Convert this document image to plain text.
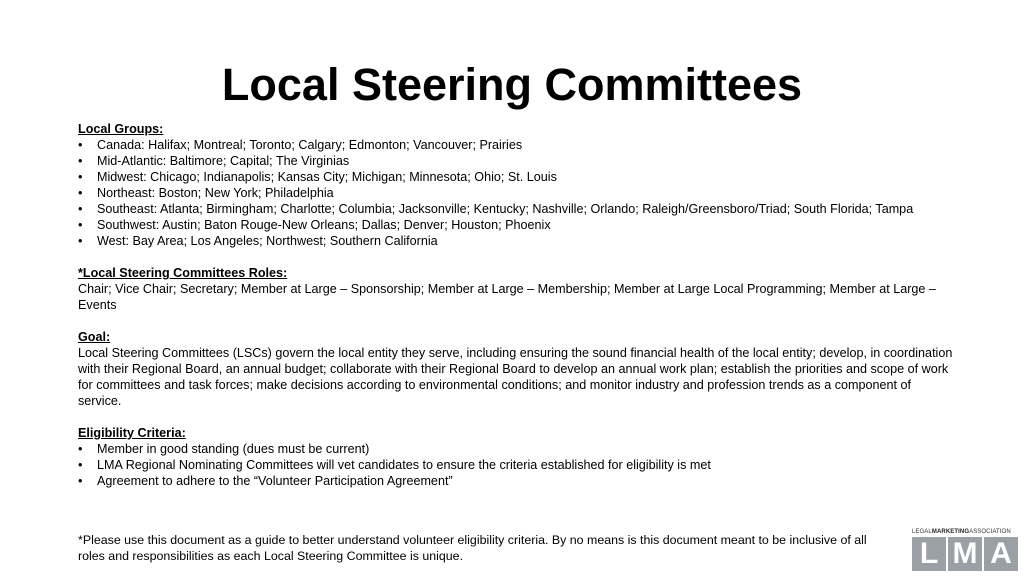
Local Steering Committees
Local Groups:
• Canada: Halifax; Montreal; Toronto; Calgary; Edmonton; Vancouver; Prairies
• Mid-Atlantic: Baltimore; Capital; The Virginias
• Midwest: Chicago; Indianapolis; Kansas City; Michigan; Minnesota; Ohio; St. Louis
• Northeast: Boston; New York; Philadelphia
• Southeast: Atlanta; Birmingham; Charlotte; Columbia; Jacksonville; Kentucky; Nashville; Orlando; Raleigh/Greensboro/Triad; South Florida; Tampa
• Southwest: Austin; Baton Rouge-New Orleans; Dallas; Denver; Houston; Phoenix
• West: Bay Area; Los Angeles; Northwest; Southern California
*Local Steering Committees Roles:
Chair; Vice Chair; Secretary; Member at Large – Sponsorship; Member at Large – Membership; Member at Large Local Programming; Member at Large – Events
Goal:
Local Steering Committees (LSCs) govern the local entity they serve, including ensuring the sound financial health of the local entity; develop, in coordination with their Regional Board, an annual budget; collaborate with their Regional Board to develop an annual work plan; establish the priorities and scope of work for committees and task forces; make decisions according to environmental conditions; and monitor industry and profession trends as a component of service.
Eligibility Criteria:
• Member in good standing (dues must be current)
• LMA Regional Nominating Committees will vet candidates to ensure the criteria established for eligibility is met
• Agreement to adhere to the “Volunteer Participation Agreement”
*Please use this document as a guide to better understand volunteer eligibility criteria. By no means is this document meant to be inclusive of all roles and responsibilities as each Local Steering Committee is unique.
LEGALMARKETINGASSOCIATION
L M A
